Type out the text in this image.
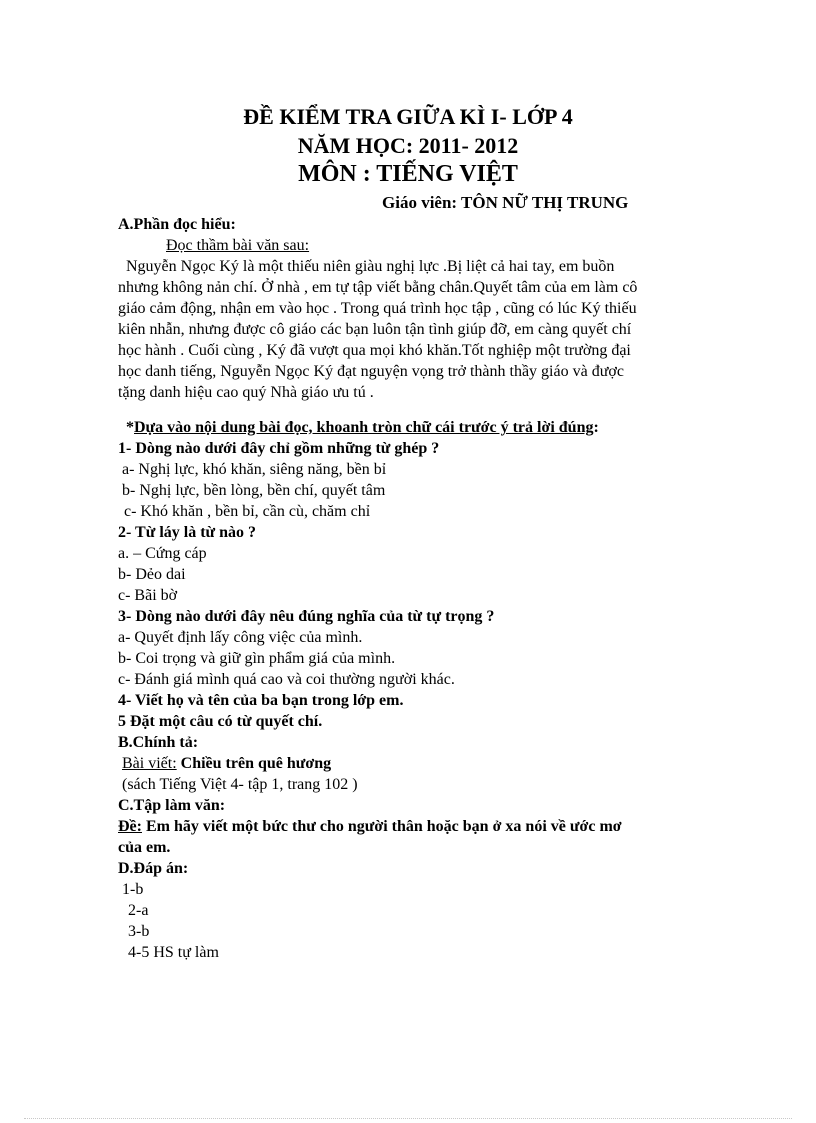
ĐỀ KIỂM TRA GIỮA KÌ I- LỚP 4
NĂM HỌC: 2011- 2012
MÔN : TIẾNG VIỆT
Giáo viên: TÔN NỮ THỊ TRUNG
A.Phần đọc hiểu:
Đọc thầm bài văn sau:
Nguyễn Ngọc Ký là một thiếu niên giàu nghị lực .Bị liệt cả hai tay, em buồn
nhưng không nản chí. Ở nhà , em tự tập viết bằng chân.Quyết tâm của em làm cô
giáo cảm động, nhận em vào học . Trong quá trình học tập , cũng có lúc Ký thiếu
kiên nhẫn, nhưng được cô giáo các bạn luôn tận tình giúp đỡ, em càng quyết chí
học hành . Cuối cùng , Ký đã vượt qua mọi khó khăn.Tốt nghiệp một trường đại
học danh tiếng, Nguyễn Ngọc Ký đạt nguyện vọng trở thành thầy giáo và được
tặng danh hiệu cao quý Nhà giáo ưu tú .
*Dựa vào nội dung bài đọc, khoanh tròn chữ cái trước ý trả lời đúng:
1- Dòng nào dưới đây chỉ gồm những từ ghép ?
a- Nghị lực, khó khăn, siêng năng, bền bỉ
b- Nghị lực, bền lòng, bền chí, quyết tâm
c- Khó khăn , bền bỉ, cần cù, chăm chỉ
2- Từ láy là từ nào ?
a. – Cứng cáp
b- Dẻo dai
c- Bãi bờ
3- Dòng nào dưới đây nêu đúng nghĩa của từ tự trọng ?
a- Quyết định lấy công việc của mình.
b- Coi trọng và giữ gìn phẩm giá của mình.
c- Đánh giá mình quá cao và coi thường người khác.
4- Viết họ và tên của ba bạn trong lớp em.
5 Đặt một câu có từ quyết chí.
B.Chính tả:
Bài viết: Chiều trên quê hương
(sách Tiếng Việt 4- tập 1, trang 102 )
C.Tập làm văn:
Đề: Em hãy viết một bức thư cho người thân hoặc bạn ở xa nói về ước mơ
của em.
D.Đáp án:
1-b
2-a
3-b
4-5 HS tự làm
